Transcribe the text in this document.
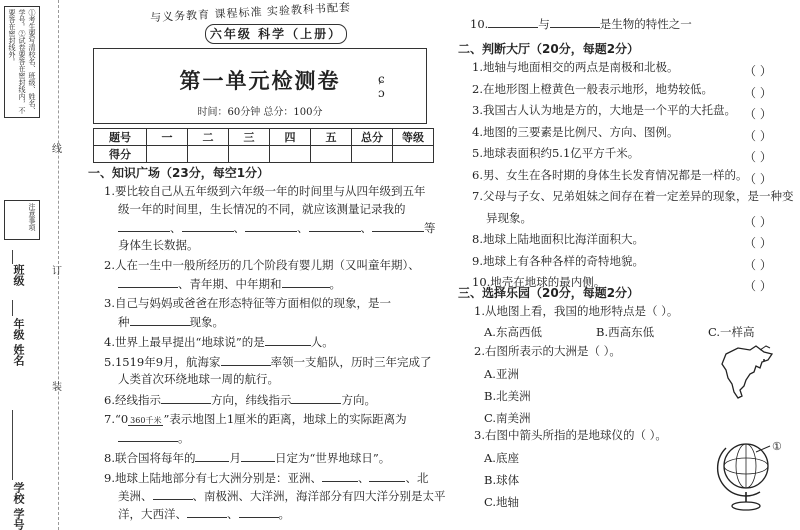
①考生要写清校名、班级、姓名、学号。②试卷要答在密封线内，不要答在密封线外。
注意事项
班级
年级
姓名
学校
学号
线
订
装
与义务教育 课程标准 实验教科书配套
六年级 科学（上册）
第一单元检测卷
时间：60分钟 总分：100分
ɕ
ɔ
题号	一	二	三	四	五	总分	等级
得分							
一、知识广场（23分，每空1分）
1.要比较自己从五年级到六年级一年的时间里与从四年级到五年
级一年的时间里，生长情况的不同，就应该测量记录我的
、	、	、	、	等
身体生长数据。
2.人在一生中一般所经历的几个阶段有婴儿期（又叫童年期）、
、青年期、中年期和	。
3.自己与妈妈或爸爸在形态特征等方面相似的现象，是一
种	现象。
4.世界上最早提出“地球说”的是	人。
5.1519年9月，航海家	率领一支船队，历时三年完成了
人类首次环绕地球一周的航行。
6.经线指示	方向，纬线指示	方向。
7.“0 360千米 ”表示地图上1厘米的距离，地球上的实际距离为
。
10.	与	是生物的特性之一
二、判断大厅（20分，每题2分）
1.地轴与地面相交的两点是南极和北极。	（ ）
2.在地形图上橙黄色一般表示地形，地势较低。	（ ）
3.我国古人认为地是方的，大地是一个平的大托盘。 （ ）
4.地图的三要素是比例尺、方向、图例。	（ ）
5.地球表面积约5.1亿平方千米。	（ ）
6.男、女生在各时期的身体生长发育情况都是一样的。
（ ）
7.父母与子女、兄弟姐妹之间存在着一定差异的现象，是一种变
异现象。	（ ）
8.地球上陆地面积比海洋面积大。	（ ）
9.地球上有各种各样的奇特地貌。	（ ）
10.地壳在地球的最内侧。	（ ）
三、选择乐园（20分，每题2分）
1.从地图上看，我国的地形特点是（ ）。
A.东高西低	B.西高东低	C.一样高
2.右图所表示的大洲是（ ）。
A.亚洲
B.北美洲
C.南美洲
3.右图中箭头所指的是地球仪的（ ）。
A.底座
B.球体
C.地轴
①
8.联合国将每年的	月	日定为“世界地球日”。
9.地球上陆地部分有七大洲分别是：亚洲、	、	、北
美洲、	、南极洲、大洋洲，海洋部分有四大洋分别是太平
洋，大西洋、	、	。
